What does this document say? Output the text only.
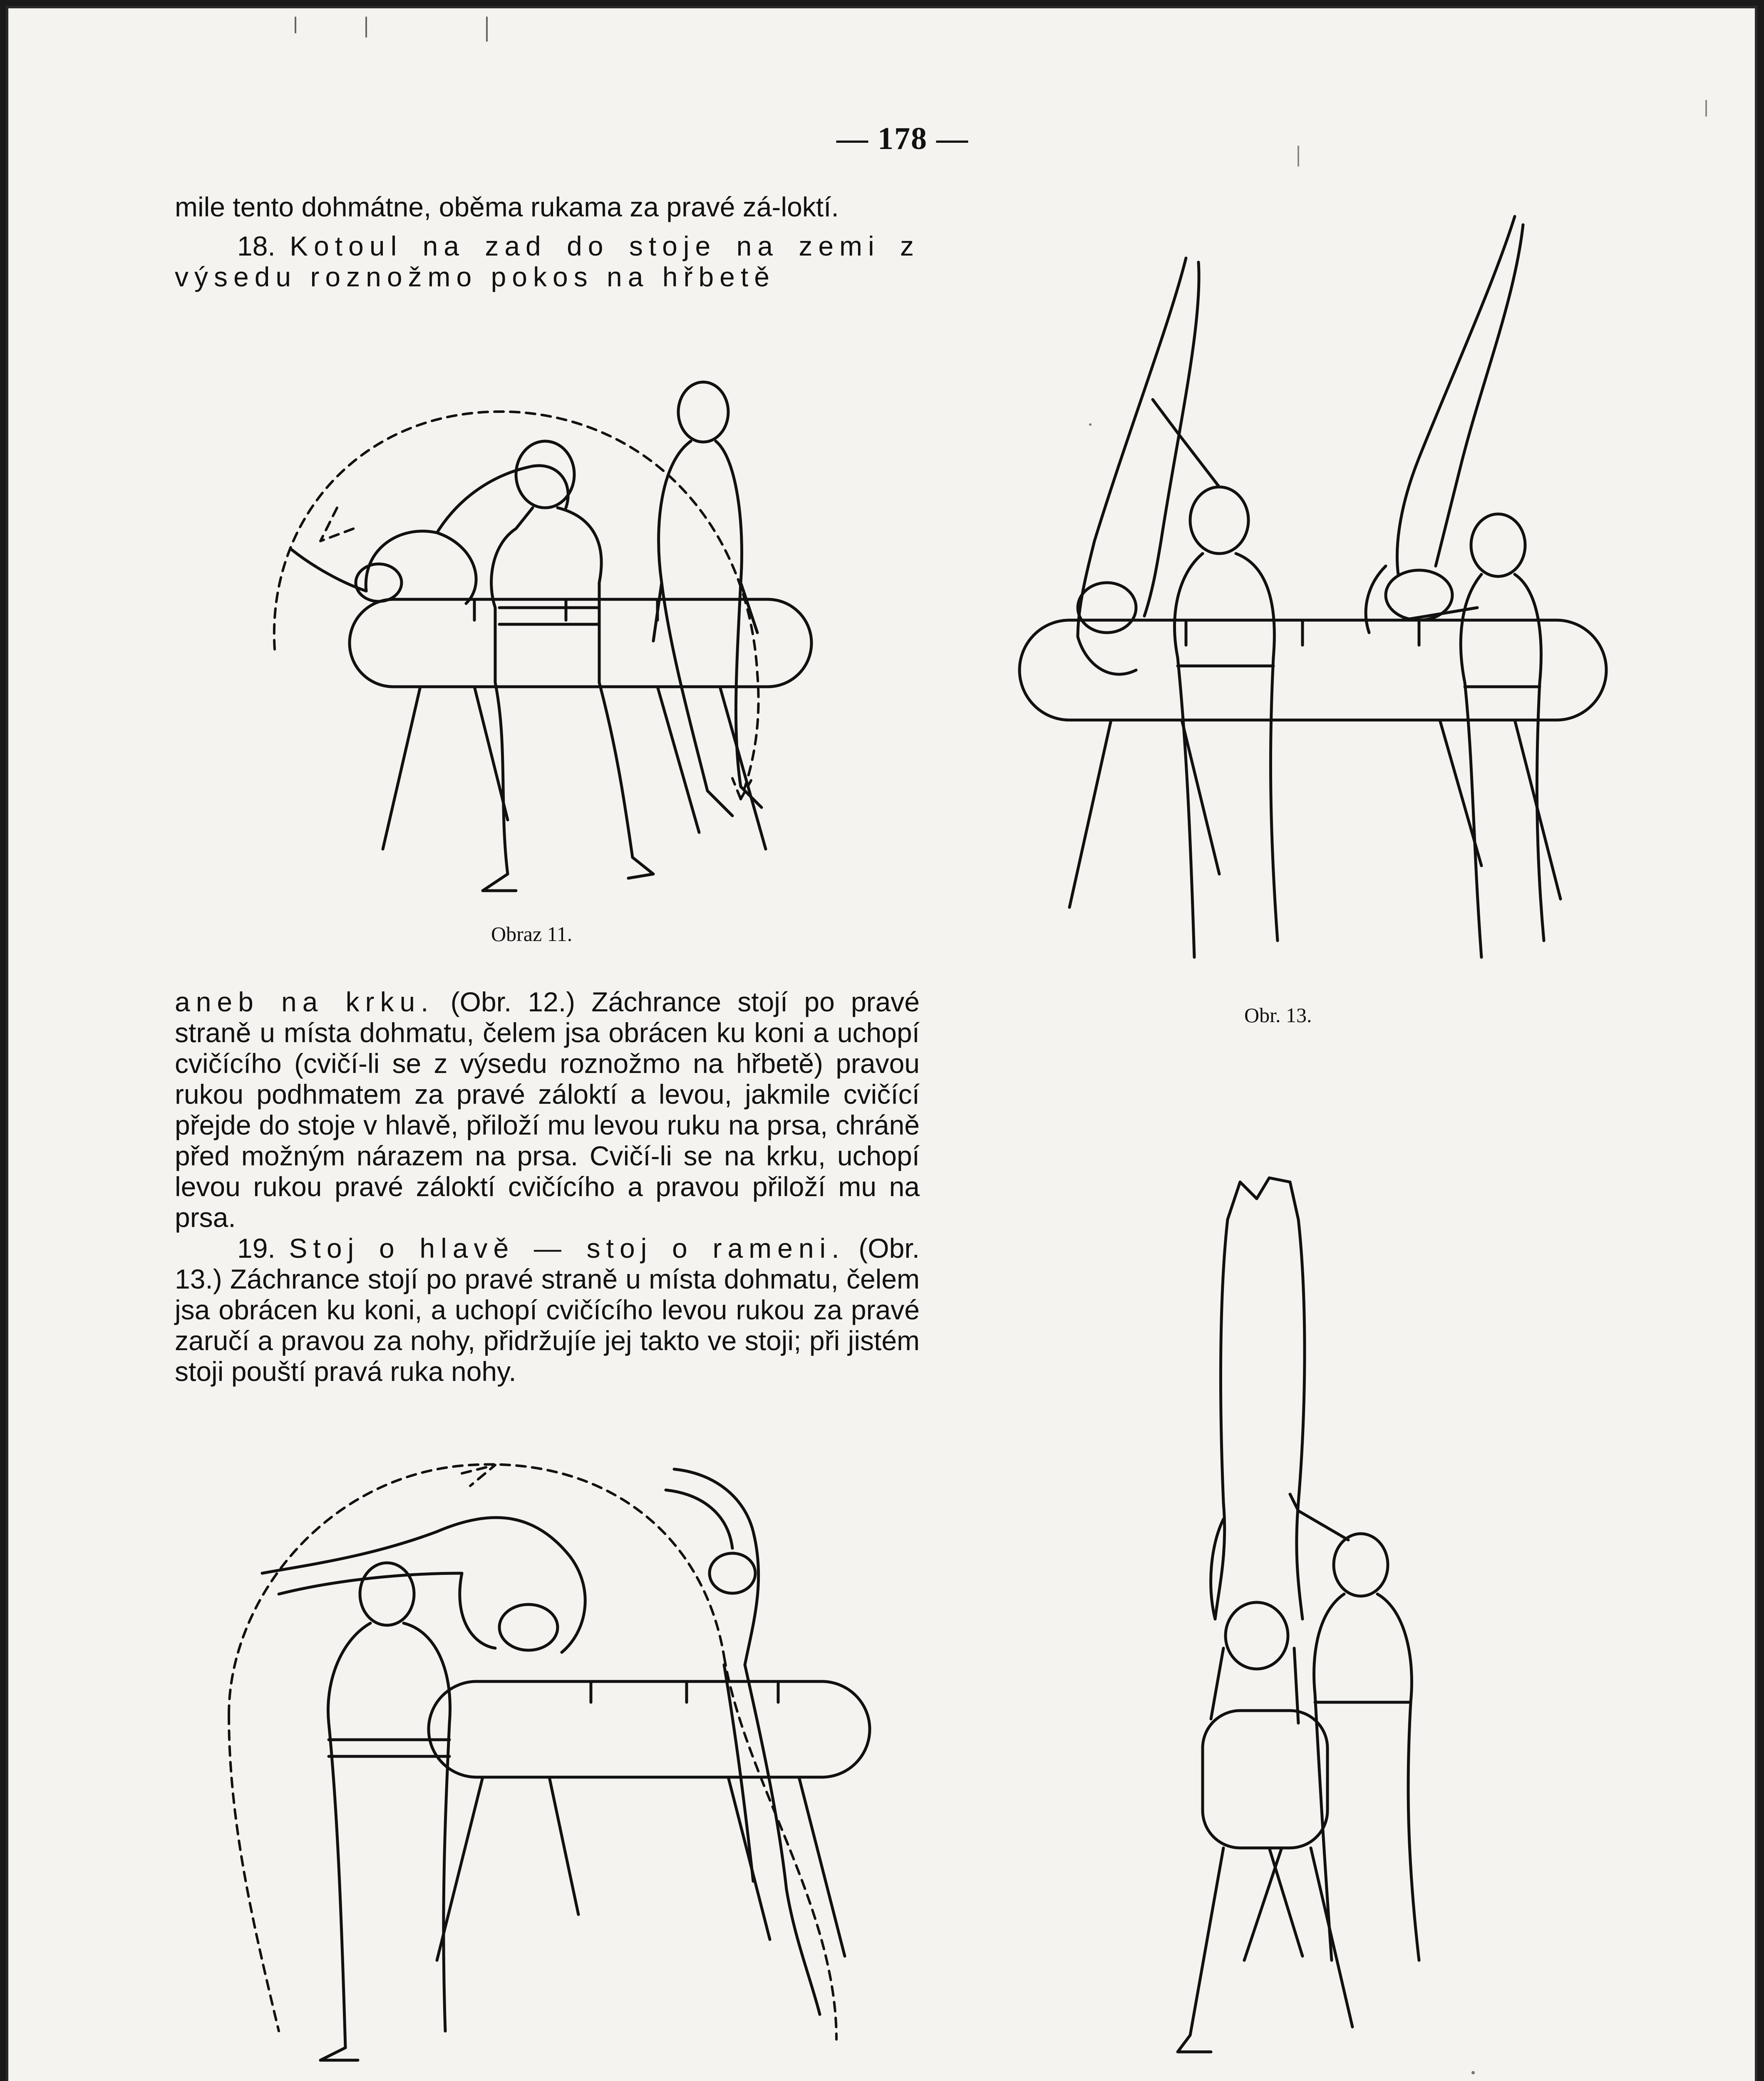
— 178 —

mile tento dohmátne, oběma rukama za pravé zá-loktí.

18. Kotoul na zad do stoje na zemi z výsedu roznožmo pokos na hřbetě

Obraz 11.
Obr. 13.

aneb na krku. (Obr. 12.) Záchrance stojí po pravé straně u místa dohmatu, čelem jsa obrácen ku koni a uchopí cvičícího (cvičí-li se z výsedu roznožmo na hřbetě) pravou rukou podhmatem za pravé záloktí a levou, jakmile cvičící přejde do stoje v hlavě, přiloží mu levou ruku na prsa, chráně před možným nárazem na prsa. Cvičí-li se na krku, uchopí levou rukou pravé záloktí cvičícího a pravou přiloží mu na prsa.

19. Stoj o hlavě — stoj o rameni. (Obr. 13.) Záchrance stojí po pravé straně u místa dohmatu, čelem jsa obrácen ku koni, a uchopí cvičícího levou rukou za pravé zaručí a pravou za nohy, přidržujíe jej takto ve stoji; při jistém stoji pouští pravá ruka nohy.
